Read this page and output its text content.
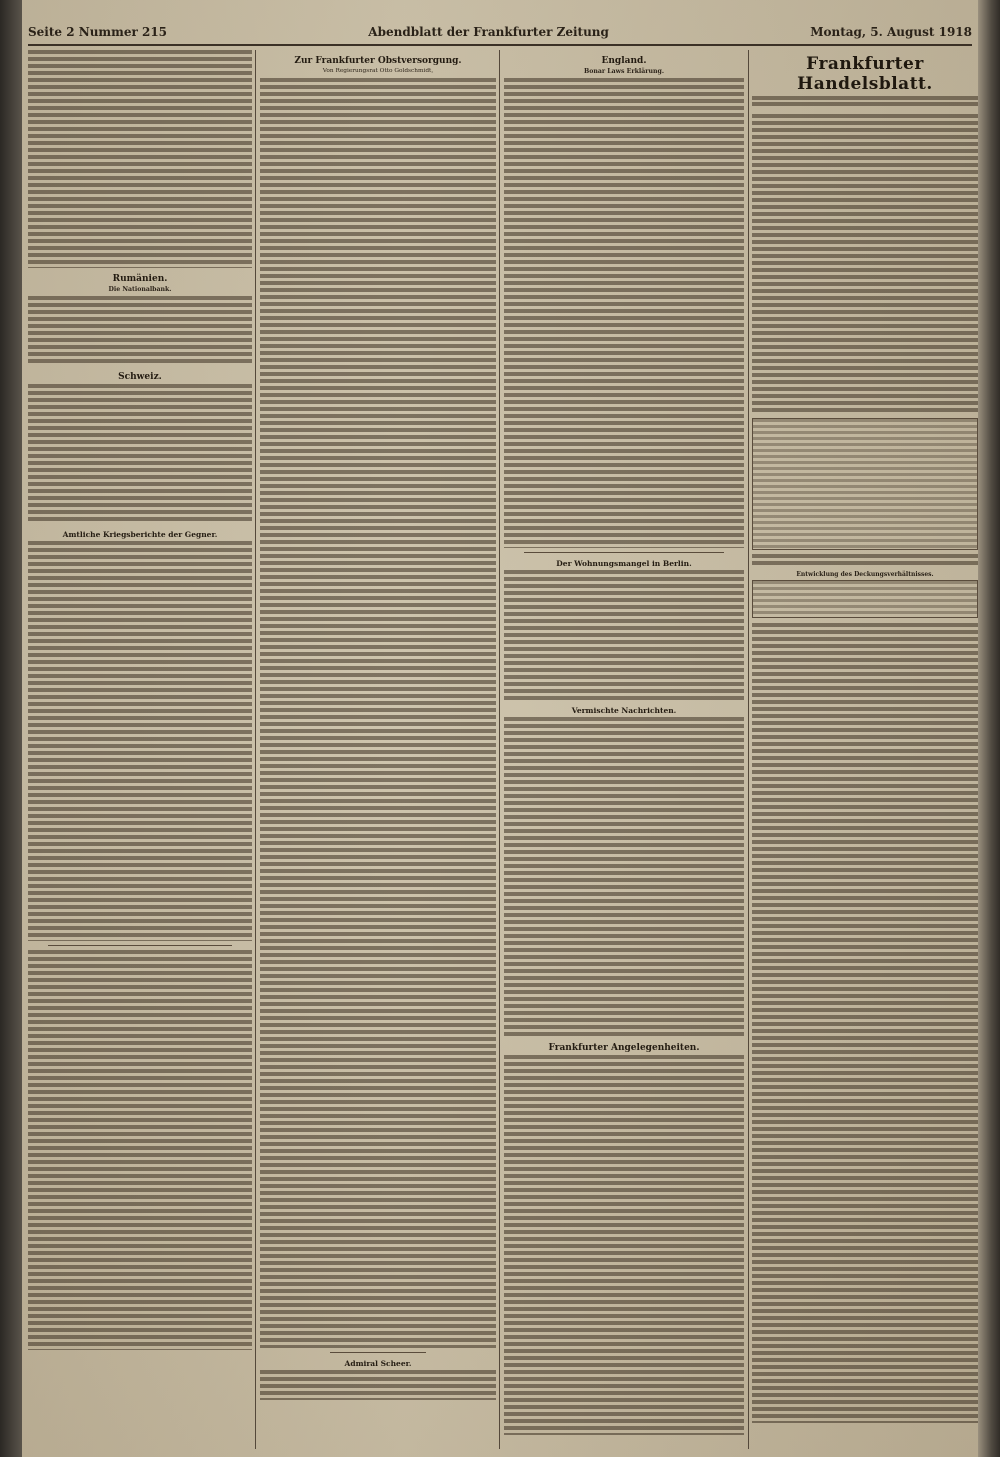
Seite 2 Nummer 215	Abendblatt der Frankfurter Zeitung	Montag, 5. August 1918
Rumänien.
Die Nationalbank.
Schweiz.
Amtliche Kriegsberichte der Gegner.
Zur Frankfurter Obstversorgung.
Von Regierungsrat Otto Goldschmidt,
Admiral Scheer.
England.
Bonar Laws Erklärung.
Der Wohnungsmangel in Berlin.
Vermischte Nachrichten.
Frankfurter Angelegenheiten.
Frankfurter Handelsblatt.
Entwicklung des Deckungsverhältnisses.
